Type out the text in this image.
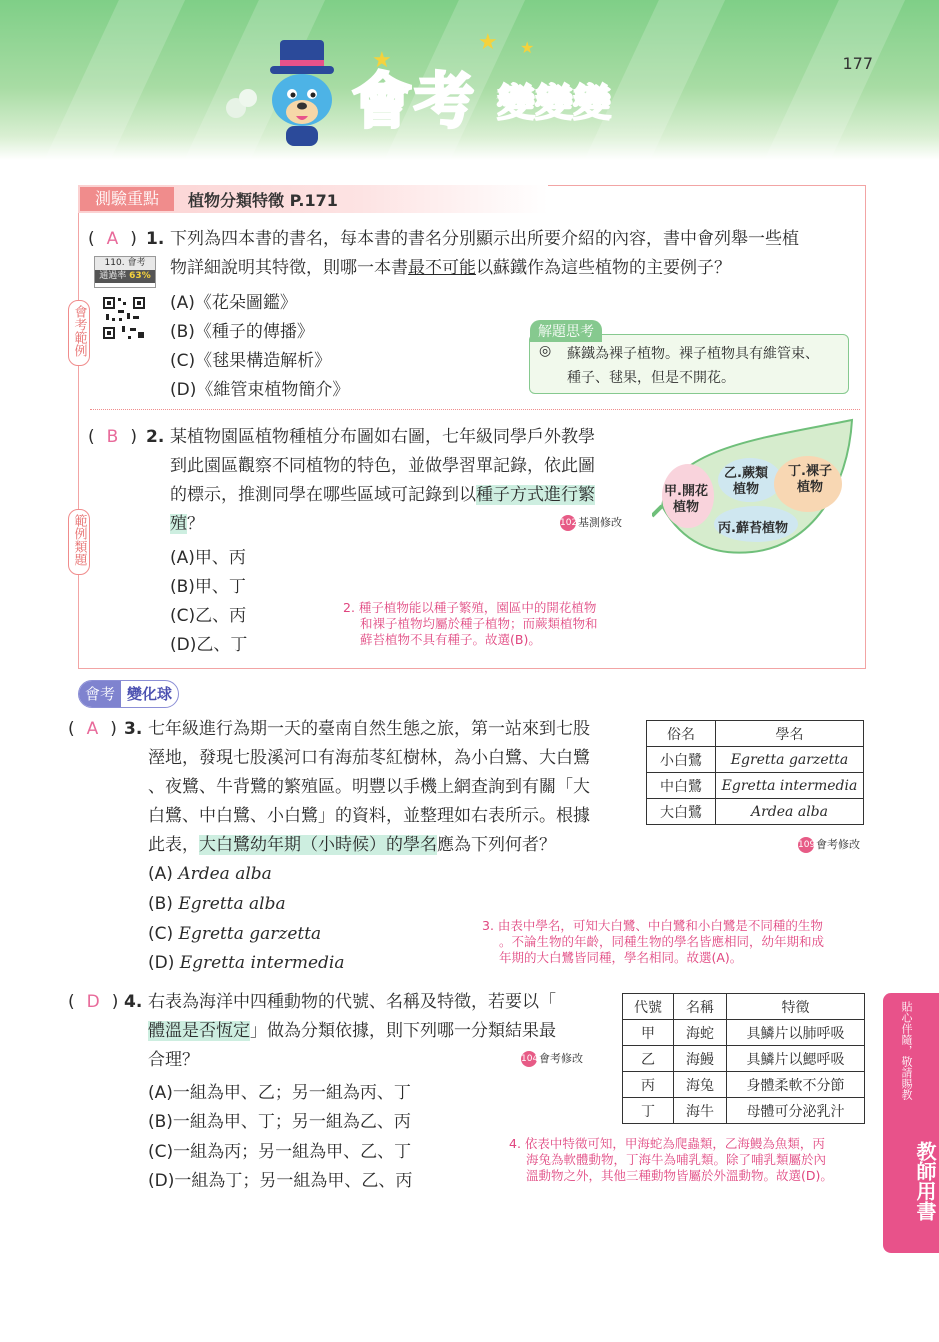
★
★ ★
會考 變變變
177
測驗重點	植物分類特徵 P.171
會考範例
範例類題
( A ) 1. 下列為四本書的書名，每本書的書名分別顯示出所要介紹的內容，書中會列舉一些植
物詳細說明其特徵，則哪一本書最不可能以蘇鐵作為這些植物的主要例子？
110. 會考
通過率 63%
(A)《花朵圖鑑》
(B)《種子的傳播》
(C)《毬果構造解析》
(D)《維管束植物簡介》
解題思考
◎ 蘇鐵為裸子植物。裸子植物具有維管束、
種子、毬果，但是不開花。
( B ) 2. 某植物園區植物種植分布圖如右圖，七年級同學戶外教學
到此園區觀察不同植物的特色，並做學習單記錄，依此圖
的標示，推測同學在哪些區域可記錄到以種子方式進行繁
殖？	102基測修改
(A)甲、丙
(B)甲、丁
(C)乙、丙
(D)乙、丁
甲.開花
植物
乙.蕨類
植物
丁.裸子
植物
丙.蘚苔植物
2. 種子植物能以種子繁殖，園區中的開花植物
和裸子植物均屬於種子植物；而蕨類植物和
蘚苔植物不具有種子。故選(B)。
會考 變化球
( A ) 3. 七年級進行為期一天的臺南自然生態之旅，第一站來到七股
溼地，發現七股溪河口有海茄苳紅樹林，為小白鷺、大白鷺
、夜鷺、牛背鷺的繁殖區。明豐以手機上網查詢到有關「大
白鷺、中白鷺、小白鷺」的資料，並整理如右表所示。根據
此表，大白鷺幼年期（小時候）的學名應為下列何者？
俗名	學名
小白鷺	Egretta garzetta
中白鷺	Egretta intermedia
大白鷺	Ardea alba
109會考修改
(A) Ardea alba
(B) Egretta alba
(C) Egretta garzetta
(D) Egretta intermedia
3. 由表中學名，可知大白鷺、中白鷺和小白鷺是不同種的生物
。不論生物的年齡，同種生物的學名皆應相同，幼年期和成
年期的大白鷺皆同種，學名相同。故選(A)。
( D ) 4. 右表為海洋中四種動物的代號、名稱及特徵，若要以「
體溫是否恆定」做為分類依據，則下列哪一分類結果最
合理？	104會考修改
代號	名稱	特徵
甲	海蛇	具鱗片以肺呼吸
乙	海鰻	具鱗片以鰓呼吸
丙	海兔	身體柔軟不分節
丁	海牛	母體可分泌乳汁
(A)一組為甲、乙；另一組為丙、丁
(B)一組為甲、丁；另一組為乙、丙
(C)一組為丙；另一組為甲、乙、丁
(D)一組為丁；另一組為甲、乙、丙
4. 依表中特徵可知，甲海蛇為爬蟲類，乙海鰻為魚類，丙
海兔為軟體動物，丁海牛為哺乳類。除了哺乳類屬於內
溫動物之外，其他三種動物皆屬於外溫動物。故選(D)。
貼心伴隨，敬請賜教
教師用書
